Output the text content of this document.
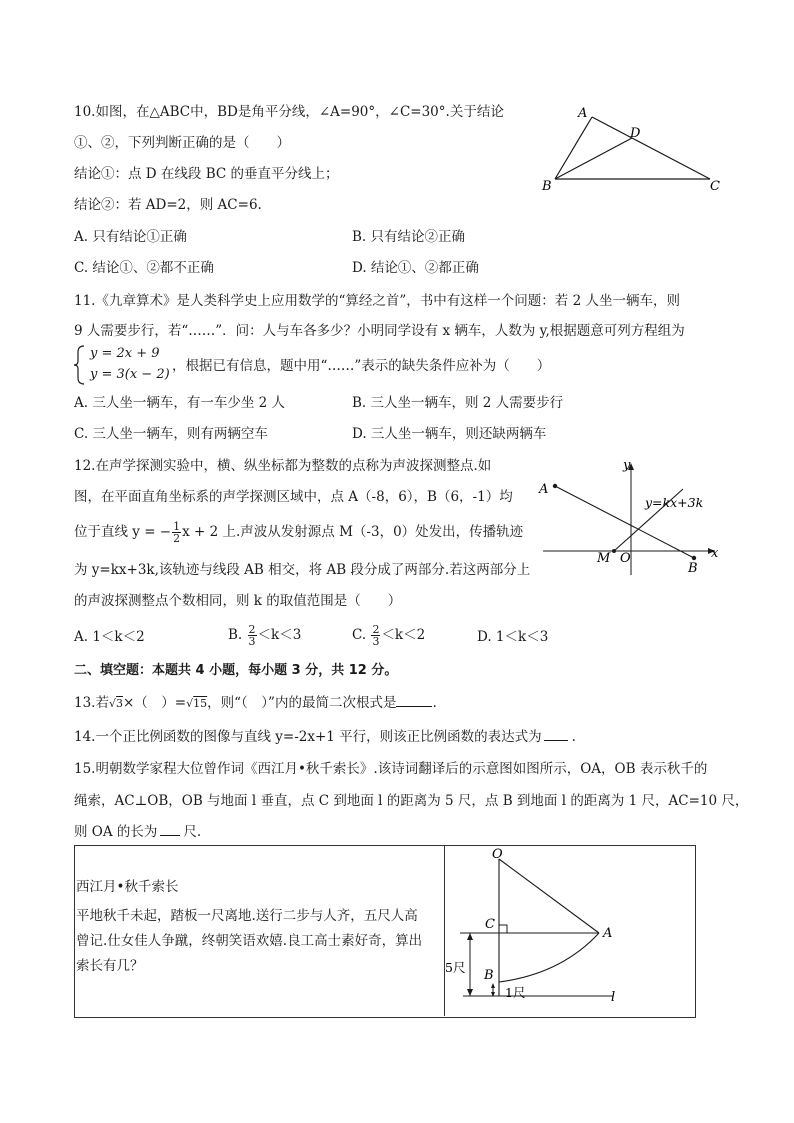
10.如图，在△ABC中，BD是角平分线，∠A=90°，∠C=30°.关于结论
①、②，下列判断正确的是（　　）
结论①：点 D 在线段 BC 的垂直平分线上；
结论②：若 AD=2，则 AC=6.
A. 只有结论①正确	B. 只有结论②正确
C. 结论①、②都不正确	D. 结论①、②都正确
A
D
B	C
11.《九章算术》是人类科学史上应用数学的“算经之首”，书中有这样一个问题：若 2 人坐一辆车，则
9 人需要步行，若“……”．问：人与车各多少？小明同学设有 x 辆车，人数为 y,根据题意可列方程组为
y = 2x + 9
y = 3(x − 2)
，根据已有信息，题中用“……”表示的缺失条件应补为（　　）
A. 三人坐一辆车，有一车少坐 2 人	B. 三人坐一辆车，则 2 人需要步行
C. 三人坐一辆车，则有两辆空车	D. 三人坐一辆车，则还缺两辆车
12.在声学探测实验中，横、纵坐标都为整数的点称为声波探测整点.如
图，在平面直角坐标系的声学探测区域中，点 A（-8，6），B（6，-1）均
位于直线 y = − $\frac{1}{2}$ x + 2 上.声波从发射源点 M（-3，0）处发出，传播轨迹
为 y=kx+3k,该轨迹与线段 AB 相交，将 AB 段分成了两部分.若这两部分上
的声波探测整点个数相同，则 k 的取值范围是（　　）
A. 1＜k＜2	B. $\frac{2}{3} <k<3$	C. $\frac{2}{3} <k<2$	D. 1＜k＜3
y
A
y=kx+3k
M O	x
B
二、填空题：本题共 4 小题，每小题 3 分，共 12 分。
13.若√3×（　）=√15，则“（　）”内的最简二次根式是	.
14.一个正比例函数的图像与直线 y=-2x+1 平行，则该正比例函数的表达式为 .
15.明朝数学家程大位曾作词《西江月•秋千索长》.该诗词翻译后的示意图如图所示，OA，OB 表示秋千的
绳索，AC⊥OB，OB 与地面 l 垂直，点 C 到地面 l 的距离为 5 尺，点 B 到地面 l 的距离为 1 尺，AC=10 尺，
则 OA 的长为 尺.
西江月•秋千索长
平地秋千未起，踏板一尺离地.送行二步与人齐，五尺人高
曾记.仕女佳人争蹴，终朝笑语欢嬉.良工高士素好奇，算出
索长有几？
O
C
A
B
5尺
1尺	l
